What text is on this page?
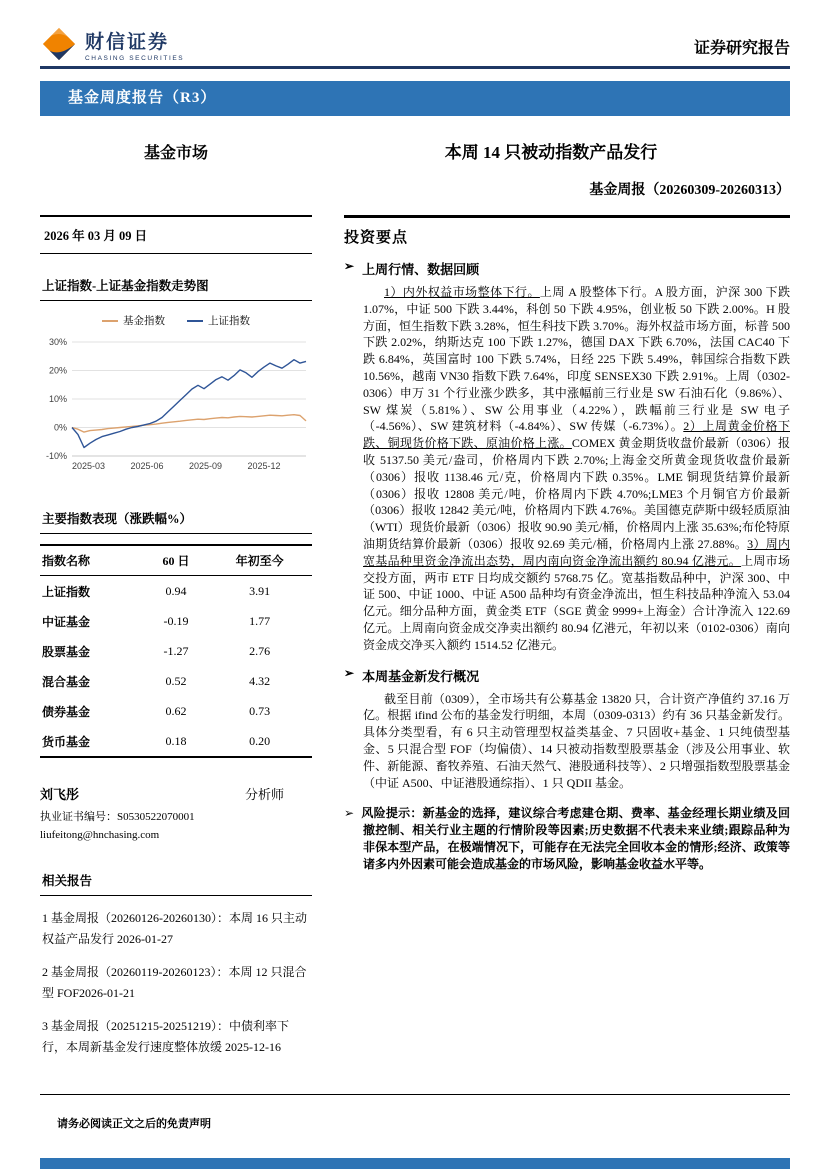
财信证券
CHASING SECURITIES
证券研究报告
基金周度报告（R3）
基金市场	本周 14 只被动指数产品发行
基金周报（20260309-20260313）
2026 年 03 月 09 日
上证指数-上证基金指数走势图
基金指数	上证指数
30%
20%
10%
0%
-10%
2025-03	2025-06	2025-09	2025-12
主要指数表现（涨跌幅%）
指数名称	60 日	年初至今
上证指数	0.94	3.91
中证基金	-0.19	1.77
股票基金	-1.27	2.76
混合基金	0.52	4.32
债券基金	0.62	0.73
货币基金	0.18	0.20
刘飞彤	分析师
执业证书编号：S0530522070001
liufeitong@hnchasing.com
相关报告
1 基金周报（20260126-20260130）：本周 16 只主动权益产品发行 2026-01-27
2 基金周报（20260119-20260123）：本周 12 只混合型 FOF2026-01-21
3 基金周报（20251215-20251219）：中债利率下行，本周新基金发行速度整体放缓 2025-12-16
投资要点
➢ 上周行情、数据回顾

1）内外权益市场整体下行。上周 A 股整体下行。A 股方面，沪深 300 下跌 1.07%，中证 500 下跌 3.44%，科创 50 下跌 4.95%，创业板 50 下跌 2.00%。H 股方面，恒生指数下跌 3.28%，恒生科技下跌 3.70%。海外权益市场方面，标普 500 下跌 2.02%，纳斯达克 100 下跌 1.27%，德国 DAX 下跌 6.70%，法国 CAC40 下跌 6.84%，英国富时 100 下跌 5.74%，日经 225 下跌 5.49%，韩国综合指数下跌 10.56%，越南 VN30 指数下跌 7.64%，印度 SENSEX30 下跌 2.91%。上周（0302-0306）申万 31 个行业涨少跌多，其中涨幅前三行业是 SW 石油石化（9.86%）、SW 煤炭（5.81%）、SW 公用事业（4.22%），跌幅前三行业是 SW 电子（-4.56%）、SW 建筑材料（-4.84%）、SW 传媒（-6.73%）。2）上周黄金价格下跌、铜现货价格下跌、原油价格上涨。COMEX 黄金期货收盘价最新（0306）报收 5137.50 美元/盎司，价格周内下跌 2.70%;上海金交所黄金现货收盘价最新（0306）报收 1138.46 元/克，价格周内下跌 0.35%。LME 铜现货结算价最新（0306）报收 12808 美元/吨，价格周内下跌 4.70%;LME3 个月铜官方价最新（0306）报收 12842 美元/吨，价格周内下跌 4.76%。美国德克萨斯中级轻质原油（WTI）现货价最新（0306）报收 90.90 美元/桶，价格周内上涨 35.63%;布伦特原油期货结算价最新（0306）报收 92.69 美元/桶，价格周内上涨 27.88%。3）周内宽基品种里资金净流出态势，周内南向资金净流出额约 80.94 亿港元。上周市场交投方面，两市 ETF 日均成交额约 5768.75 亿。宽基指数品种中，沪深 300、中证 500、中证 1000、中证 A500 品种均有资金净流出，恒生科技品种净流入 53.04 亿元。细分品种方面，黄金类 ETF（SGE 黄金 9999+上海金）合计净流入 122.69 亿元。上周南向资金成交净卖出额约 80.94 亿港元，年初以来（0102-0306）南向资金成交净买入额约 1514.52 亿港元。

➢ 本周基金新发行概况

截至目前（0309），全市场共有公募基金 13820 只，合计资产净值约 37.16 万亿。根据 ifind 公布的基金发行明细，本周（0309-0313）约有 36 只基金新发行。具体分类型看，有 6 只主动管理型权益类基金、7 只固收+基金、1 只纯债型基金、5 只混合型 FOF（均偏债）、14 只被动指数型股票基金（涉及公用事业、软件、新能源、畜牧养殖、石油天然气、港股通科技等）、2 只增强指数型股票基金（中证 A500、中证港股通综指）、1 只 QDII 基金。

➢ 风险提示：新基金的选择，建议综合考虑建仓期、费率、基金经理长期业绩及回撤控制、相关行业主题的行情阶段等因素;历史数据不代表未来业绩;跟踪品种为非保本型产品，在极端情况下，可能存在无法完全回收本金的情形;经济、政策等诸多内外因素可能会造成基金的市场风险，影响基金收益水平等。

请务必阅读正文之后的免责声明
